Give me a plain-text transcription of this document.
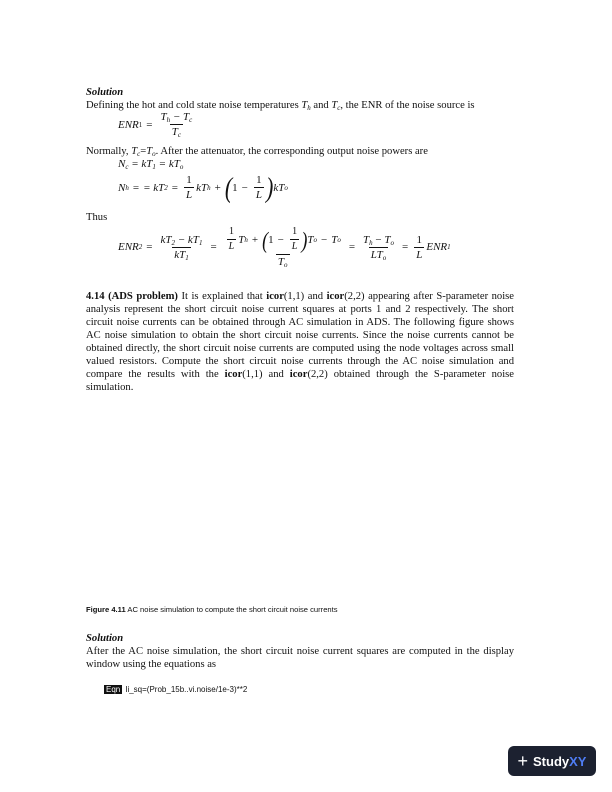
Solution
Defining the hot and cold state noise temperatures $T_h$ and $T_c$, the ENR of the noise source is
ENR $1 = \frac{T_h - T_c}{T_c}$
Normally, $T_c=T_o$. After the attenuator, the corresponding output noise powers are
$N_c = kT_1 = kT_o$
N h = = kT $2 = \frac{1}{L}$ kT h + ( $1 - \frac{1}{L}$ ) kT o
Thus
ENR $2 = \frac{kT_2 - kT_1}{kT_1} = \frac{1}{L}$ T h + ( $1 - \frac{1}{L}$ ) T o − T o
$T_o$
= $\frac{T_h - T_o}{LT_o} = \frac{1}{L}$ ENR 1
4.14 (ADS problem) It is explained that icor(1,1) and icor(2,2) appearing after S-parameter noise analysis represent the short circuit noise current squares at ports 1 and 2 respectively. The short circuit noise currents can be obtained through AC simulation in ADS. The following figure shows AC noise simulation to obtain the short circuit noise currents. Since the noise currents cannot be obtained directly, the short circuit noise currents are computed using the node voltages across small valued resistors. Compute the short circuit noise currents through the AC noise simulation and compare the results with the icor(1,1) and icor(2,2) obtained through the S-parameter noise simulation.
Figure 4.11 AC noise simulation to compute the short circuit noise currents
Solution
After the AC noise simulation, the short circuit noise current squares are computed in the display window using the equations as
Eqn Ii_sq=(Prob_15b..vi.noise/1e-3)**2
+ StudyXY
